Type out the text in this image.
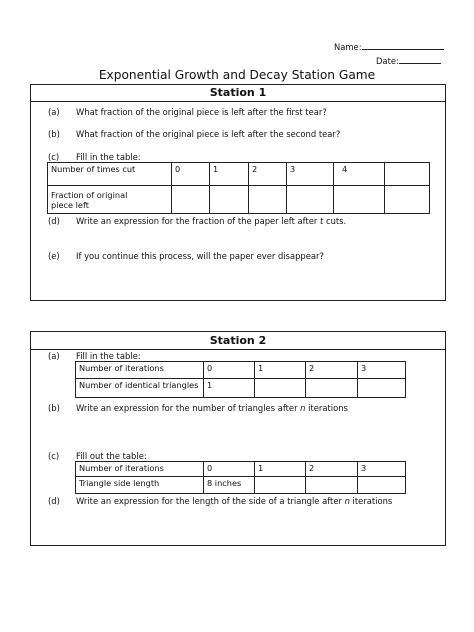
Name:
Date:
Exponential Growth and Decay Station Game
Station 1
(a) What fraction of the original piece is left after the first tear?
(b) What fraction of the original piece is left after the second tear?
(c) Fill in the table:
Number of times cut	0	1	2	3	4	

Fraction of original
piece left						

(d) Write an expression for the fraction of the paper left after t cuts.
(e) If you continue this process, will the paper ever disappear?
Station 2
(a) Fill in the table:
Number of iterations	0	1	2	3
Number of identical triangles	1			
(b) Write an expression for the number of triangles after n iterations
(c) Fill out the table:
Number of iterations	0	1	2	3
Triangle side length	8 inches			
(d) Write an expression for the length of the side of a triangle after n iterations
